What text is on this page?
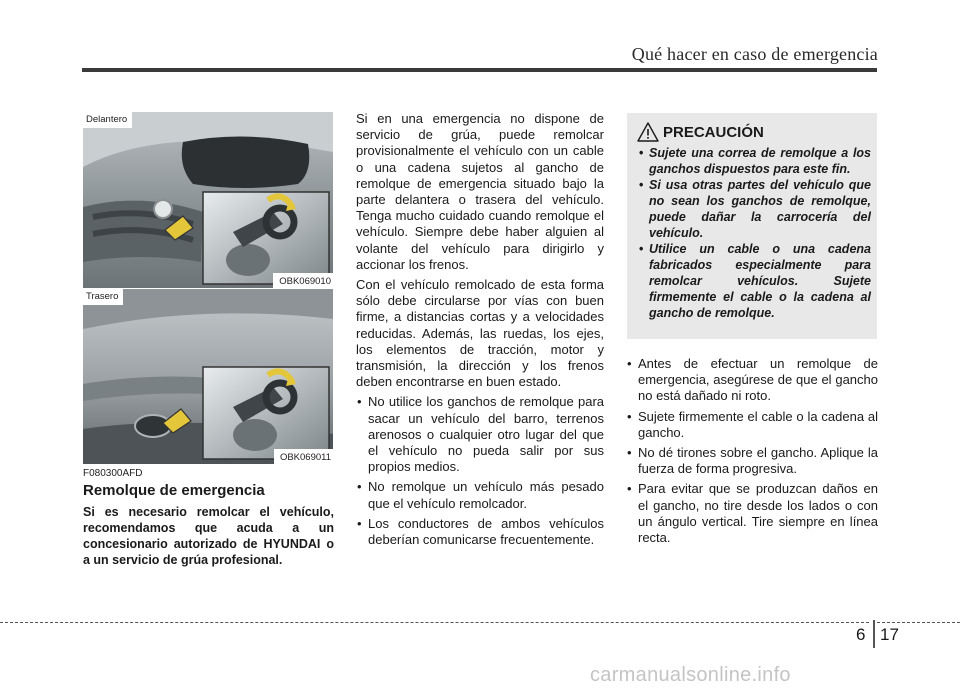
Qué hacer en caso de emergencia
Delantero
OBK069010
Trasero
OBK069011
F080300AFD
Remolque de emergencia

Si es necesario remolcar el vehículo, recomendamos que acuda a un concesionario autorizado de HYUNDAI o a un servicio de grúa profesional.

Si en una emergencia no dispone de servicio de grúa, puede remolcar provisionalmente el vehículo con un cable o una cadena sujetos al gancho de remolque de emergencia situado bajo la parte delantera o trasera del vehículo. Tenga mucho cuidado cuando remolque el vehículo. Siempre debe haber alguien al volante del vehículo para dirigirlo y accionar los frenos.

Con el vehículo remolcado de esta forma sólo debe circularse por vías con buen firme, a distancias cortas y a velocidades reducidas. Además, las ruedas, los ejes, los elementos de tracción, motor y transmisión, la dirección y los frenos deben encontrarse en buen estado.

• No utilice los ganchos de remolque para sacar un vehículo del barro, terrenos arenosos o cualquier otro lugar del que el vehículo no pueda salir por sus propios medios.
• No remolque un vehículo más pesado que el vehículo remolcador.
• Los conductores de ambos vehículos deberían comunicarse frecuentemente.
PRECAUCIÓN
• Sujete una correa de remolque a los ganchos dispuestos para este fin.
• Si usa otras partes del vehículo que no sean los ganchos de remolque, puede dañar la carrocería del vehículo.
• Utilice un cable o una cadena fabricados especialmente para remolcar vehículos. Sujete firmemente el cable o la cadena al gancho de remolque.
• Antes de efectuar un remolque de emergencia, asegúrese de que el gancho no está dañado ni roto.
• Sujete firmemente el cable o la cadena al gancho.
• No dé tirones sobre el gancho. Aplique la fuerza de forma progresiva.
• Para evitar que se produzcan daños en el gancho, no tire desde los lados o con un ángulo vertical. Tire siempre en línea recta.
6 17
carmanualsonline.info
